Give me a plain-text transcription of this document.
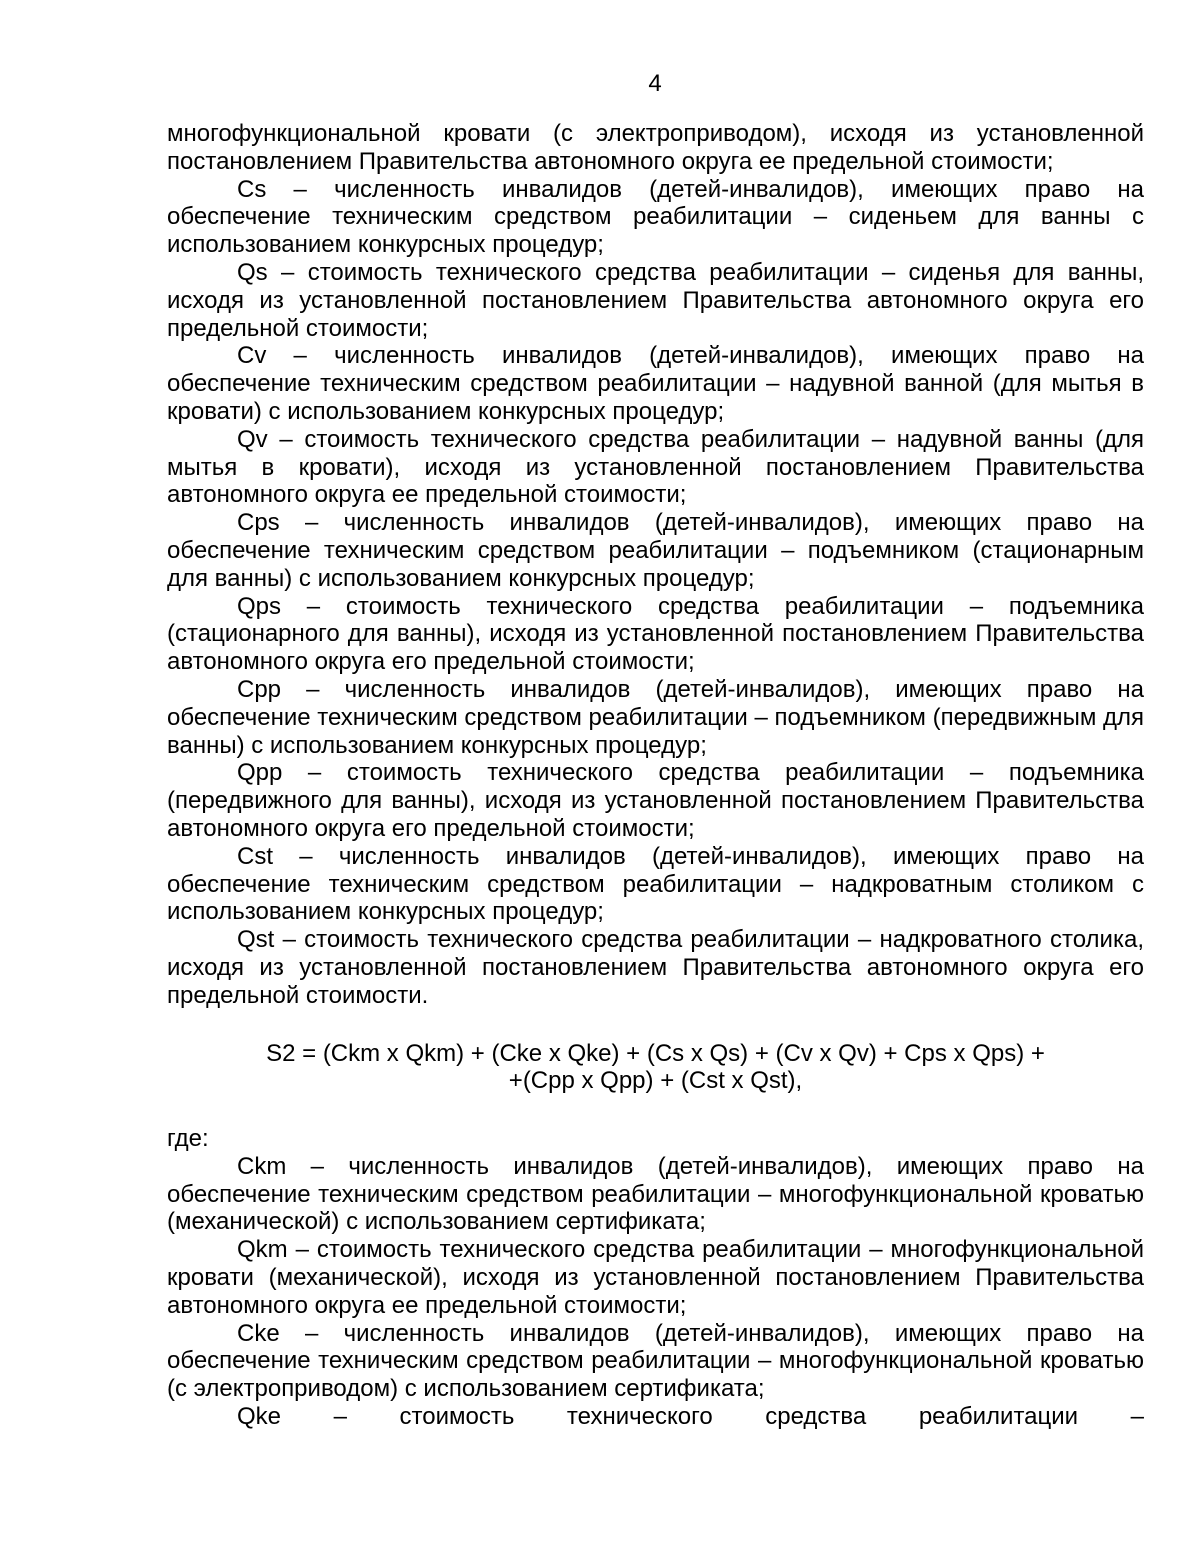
4

многофункциональной кровати (с электроприводом), исходя из установленной постановлением Правительства автономного округа ее предельной стоимости;

Cs – численность инвалидов (детей-инвалидов), имеющих право на обеспечение техническим средством реабилитации – сиденьем для ванны с использованием конкурсных процедур;

Qs – стоимость технического средства реабилитации – сиденья для ванны, исходя из установленной постановлением Правительства автономного округа его предельной стоимости;

Cv – численность инвалидов (детей-инвалидов), имеющих право на обеспечение техническим средством реабилитации – надувной ванной (для мытья в кровати) с использованием конкурсных процедур;

Qv – стоимость технического средства реабилитации – надувной ванны (для мытья в кровати), исходя из установленной постановлением Правительства автономного округа ее предельной стоимости;

Cps – численность инвалидов (детей-инвалидов), имеющих право на обеспечение техническим средством реабилитации – подъемником (стационарным для ванны) с использованием конкурсных процедур;

Qps – стоимость технического средства реабилитации – подъемника (стационарного для ванны), исходя из установленной постановлением Правительства автономного округа его предельной стоимости;

Cpp – численность инвалидов (детей-инвалидов), имеющих право на обеспечение техническим средством реабилитации – подъемником (передвижным для ванны) с использованием конкурсных процедур;

Qpp – стоимость технического средства реабилитации – подъемника (передвижного для ванны), исходя из установленной постановлением Правительства автономного округа его предельной стоимости;

Cst – численность инвалидов (детей-инвалидов), имеющих право на обеспечение техническим средством реабилитации – надкроватным столиком с использованием конкурсных процедур;

Qst – стоимость технического средства реабилитации – надкроватного столика, исходя из установленной постановлением Правительства автономного округа его предельной стоимости.

S2 = (Ckm x Qkm) + (Cke x Qke) + (Cs x Qs) + (Cv x Qv) + Cps x Qps) +
+(Cpp x Qpp) + (Cst x Qst),

где:

Ckm – численность инвалидов (детей-инвалидов), имеющих право на обеспечение техническим средством реабилитации – многофункциональной кроватью (механической) с использованием сертификата;

Qkm – стоимость технического средства реабилитации – многофункциональной кровати (механической), исходя из установленной постановлением Правительства автономного округа ее предельной стоимости;

Cke – численность инвалидов (детей-инвалидов), имеющих право на обеспечение техническим средством реабилитации – многофункциональной кроватью (с электроприводом) с использованием сертификата;

Qke – стоимость технического средства реабилитации –
